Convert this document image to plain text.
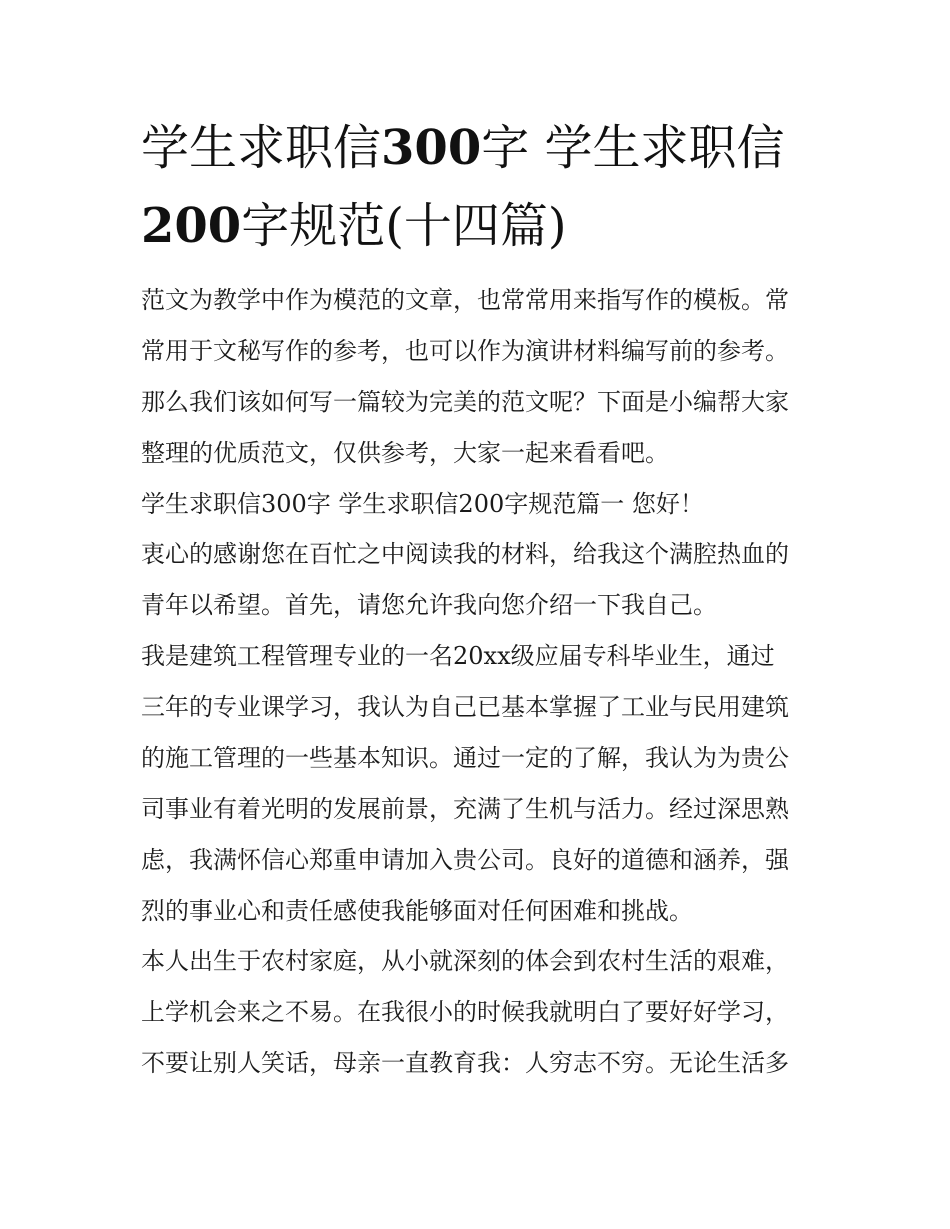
学生求职信300字 学生求职信
200字规范(十四篇)
范文为教学中作为模范的文章，也常常用来指写作的模板。常
常用于文秘写作的参考，也可以作为演讲材料编写前的参考。
那么我们该如何写一篇较为完美的范文呢？下面是小编帮大家
整理的优质范文，仅供参考，大家一起来看看吧。
学生求职信300字 学生求职信200字规范篇一 您好！
衷心的感谢您在百忙之中阅读我的材料，给我这个满腔热血的
青年以希望。首先，请您允许我向您介绍一下我自己。
我是建筑工程管理专业的一名20xx级应届专科毕业生，通过
三年的专业课学习，我认为自己已基本掌握了工业与民用建筑
的施工管理的一些基本知识。通过一定的了解，我认为为贵公
司事业有着光明的发展前景，充满了生机与活力。经过深思熟
虑，我满怀信心郑重申请加入贵公司。良好的道德和涵养，强
烈的事业心和责任感使我能够面对任何困难和挑战。
本人出生于农村家庭，从小就深刻的体会到农村生活的艰难，
上学机会来之不易。在我很小的时候我就明白了要好好学习，
不要让别人笑话，母亲一直教育我：人穷志不穷。无论生活多
